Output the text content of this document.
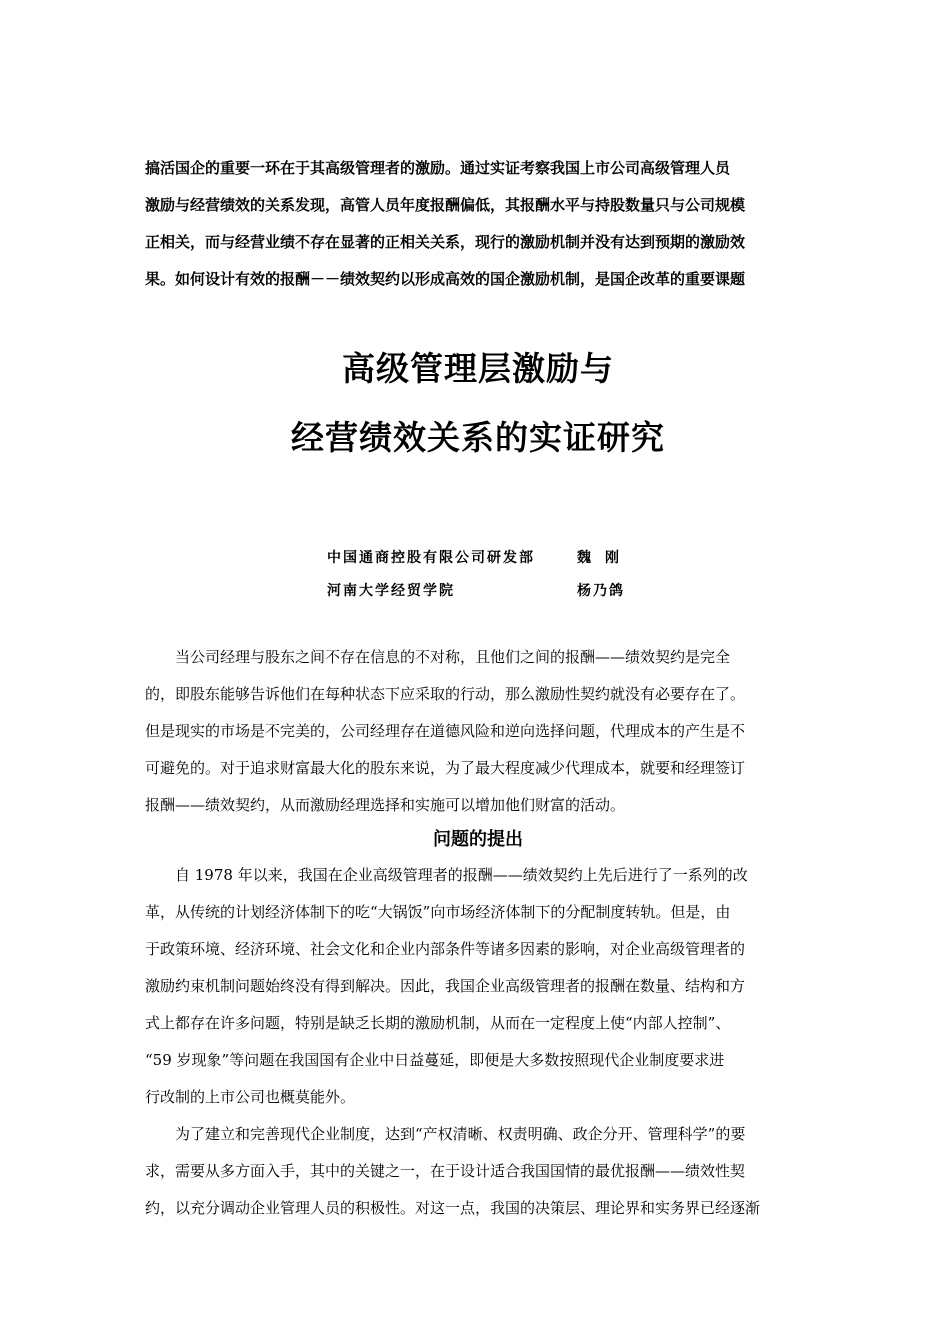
搞活国企的重要一环在于其高级管理者的激励。通过实证考察我国上市公司高级管理人员

激励与经营绩效的关系发现，高管人员年度报酬偏低，其报酬水平与持股数量只与公司规模

正相关，而与经营业绩不存在显著的正相关关系，现行的激励机制并没有达到预期的激励效

果。如何设计有效的报酬－－绩效契约以形成高效的国企激励机制，是国企改革的重要课题

高级管理层激励与
经营绩效关系的实证研究
中国通商控股有限公司研发部	魏刚
河南大学经贸学院	杨乃鸽

　　当公司经理与股东之间不存在信息的不对称，且他们之间的报酬——绩效契约是完全

的，即股东能够告诉他们在每种状态下应采取的行动，那么激励性契约就没有必要存在了。

但是现实的市场是不完美的，公司经理存在道德风险和逆向选择问题，代理成本的产生是不

可避免的。对于追求财富最大化的股东来说，为了最大程度减少代理成本，就要和经理签订

报酬——绩效契约，从而激励经理选择和实施可以增加他们财富的活动。

问题的提出

　　自 1978 年以来，我国在企业高级管理者的报酬——绩效契约上先后进行了一系列的改

革，从传统的计划经济体制下的吃“大锅饭”向市场经济体制下的分配制度转轨。但是，由

于政策环境、经济环境、社会文化和企业内部条件等诸多因素的影响，对企业高级管理者的

激励约束机制问题始终没有得到解决。因此，我国企业高级管理者的报酬在数量、结构和方

式上都存在许多问题，特别是缺乏长期的激励机制，从而在一定程度上使“内部人控制”、

“59 岁现象”等问题在我国国有企业中日益蔓延，即便是大多数按照现代企业制度要求进

行改制的上市公司也概莫能外。

　　为了建立和完善现代企业制度，达到“产权清晰、权责明确、政企分开、管理科学”的要

求，需要从多方面入手，其中的关键之一，在于设计适合我国国情的最优报酬——绩效性契

约，以充分调动企业管理人员的积极性。对这一点，我国的决策层、理论界和实务界已经逐渐
